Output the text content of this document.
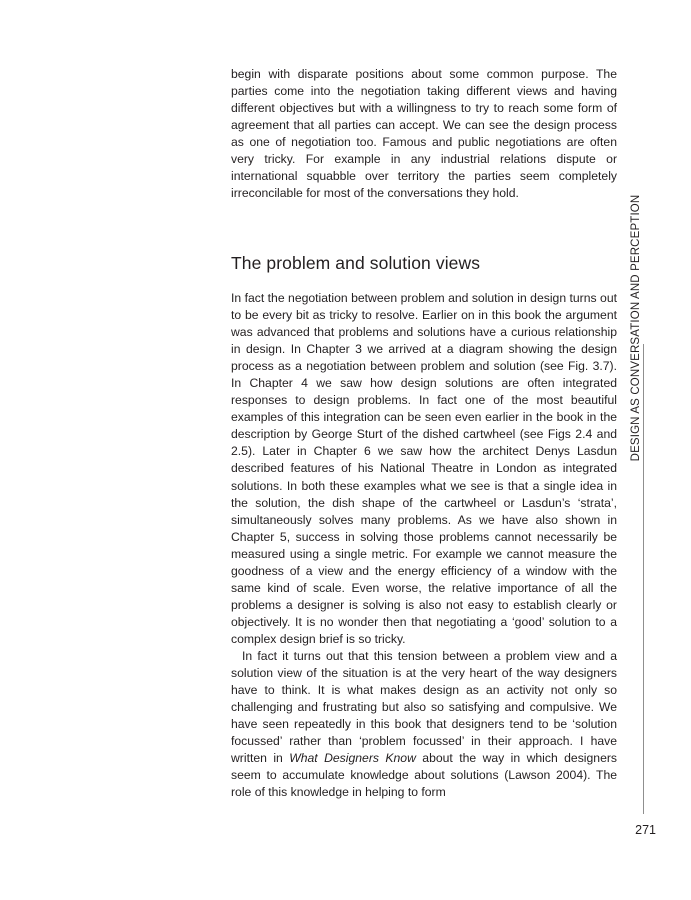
begin with disparate positions about some common purpose. The parties come into the negotiation taking different views and having different objectives but with a willingness to try to reach some form of agreement that all parties can accept. We can see the design process as one of negotiation too. Famous and public negotiations are often very tricky. For example in any industrial relations dispute or international squabble over territory the parties seem completely irreconcilable for most of the conversations they hold.

The problem and solution views

In fact the negotiation between problem and solution in design turns out to be every bit as tricky to resolve. Earlier on in this book the argument was advanced that problems and solutions have a curious relationship in design. In Chapter 3 we arrived at a diagram showing the design process as a negotiation between problem and solution (see Fig. 3.7). In Chapter 4 we saw how design solutions are often integrated responses to design problems. In fact one of the most beautiful examples of this integration can be seen even earlier in the book in the description by George Sturt of the dished cartwheel (see Figs 2.4 and 2.5). Later in Chapter 6 we saw how the architect Denys Lasdun described features of his National Theatre in London as integrated solutions. In both these examples what we see is that a single idea in the solution, the dish shape of the cartwheel or Lasdun’s ‘strata’, simultaneously solves many problems. As we have also shown in Chapter 5, success in solving those problems cannot necessarily be measured using a single metric. For example we cannot measure the goodness of a view and the energy efficiency of a window with the same kind of scale. Even worse, the relative importance of all the problems a designer is solving is also not easy to establish clearly or objectively. It is no wonder then that negotiating a ‘good’ solution to a complex design brief is so tricky.

In fact it turns out that this tension between a problem view and a solution view of the situation is at the very heart of the way designers have to think. It is what makes design as an activity not only so challenging and frustrating but also so satisfying and compulsive. We have seen repeatedly in this book that designers tend to be ‘solution focussed’ rather than ‘problem focussed’ in their approach. I have written in What Designers Know about the way in which designers seem to accumulate knowledge about solutions (Lawson 2004). The role of this knowledge in helping to form

DESIGN AS CONVERSATION AND PERCEPTION
271
